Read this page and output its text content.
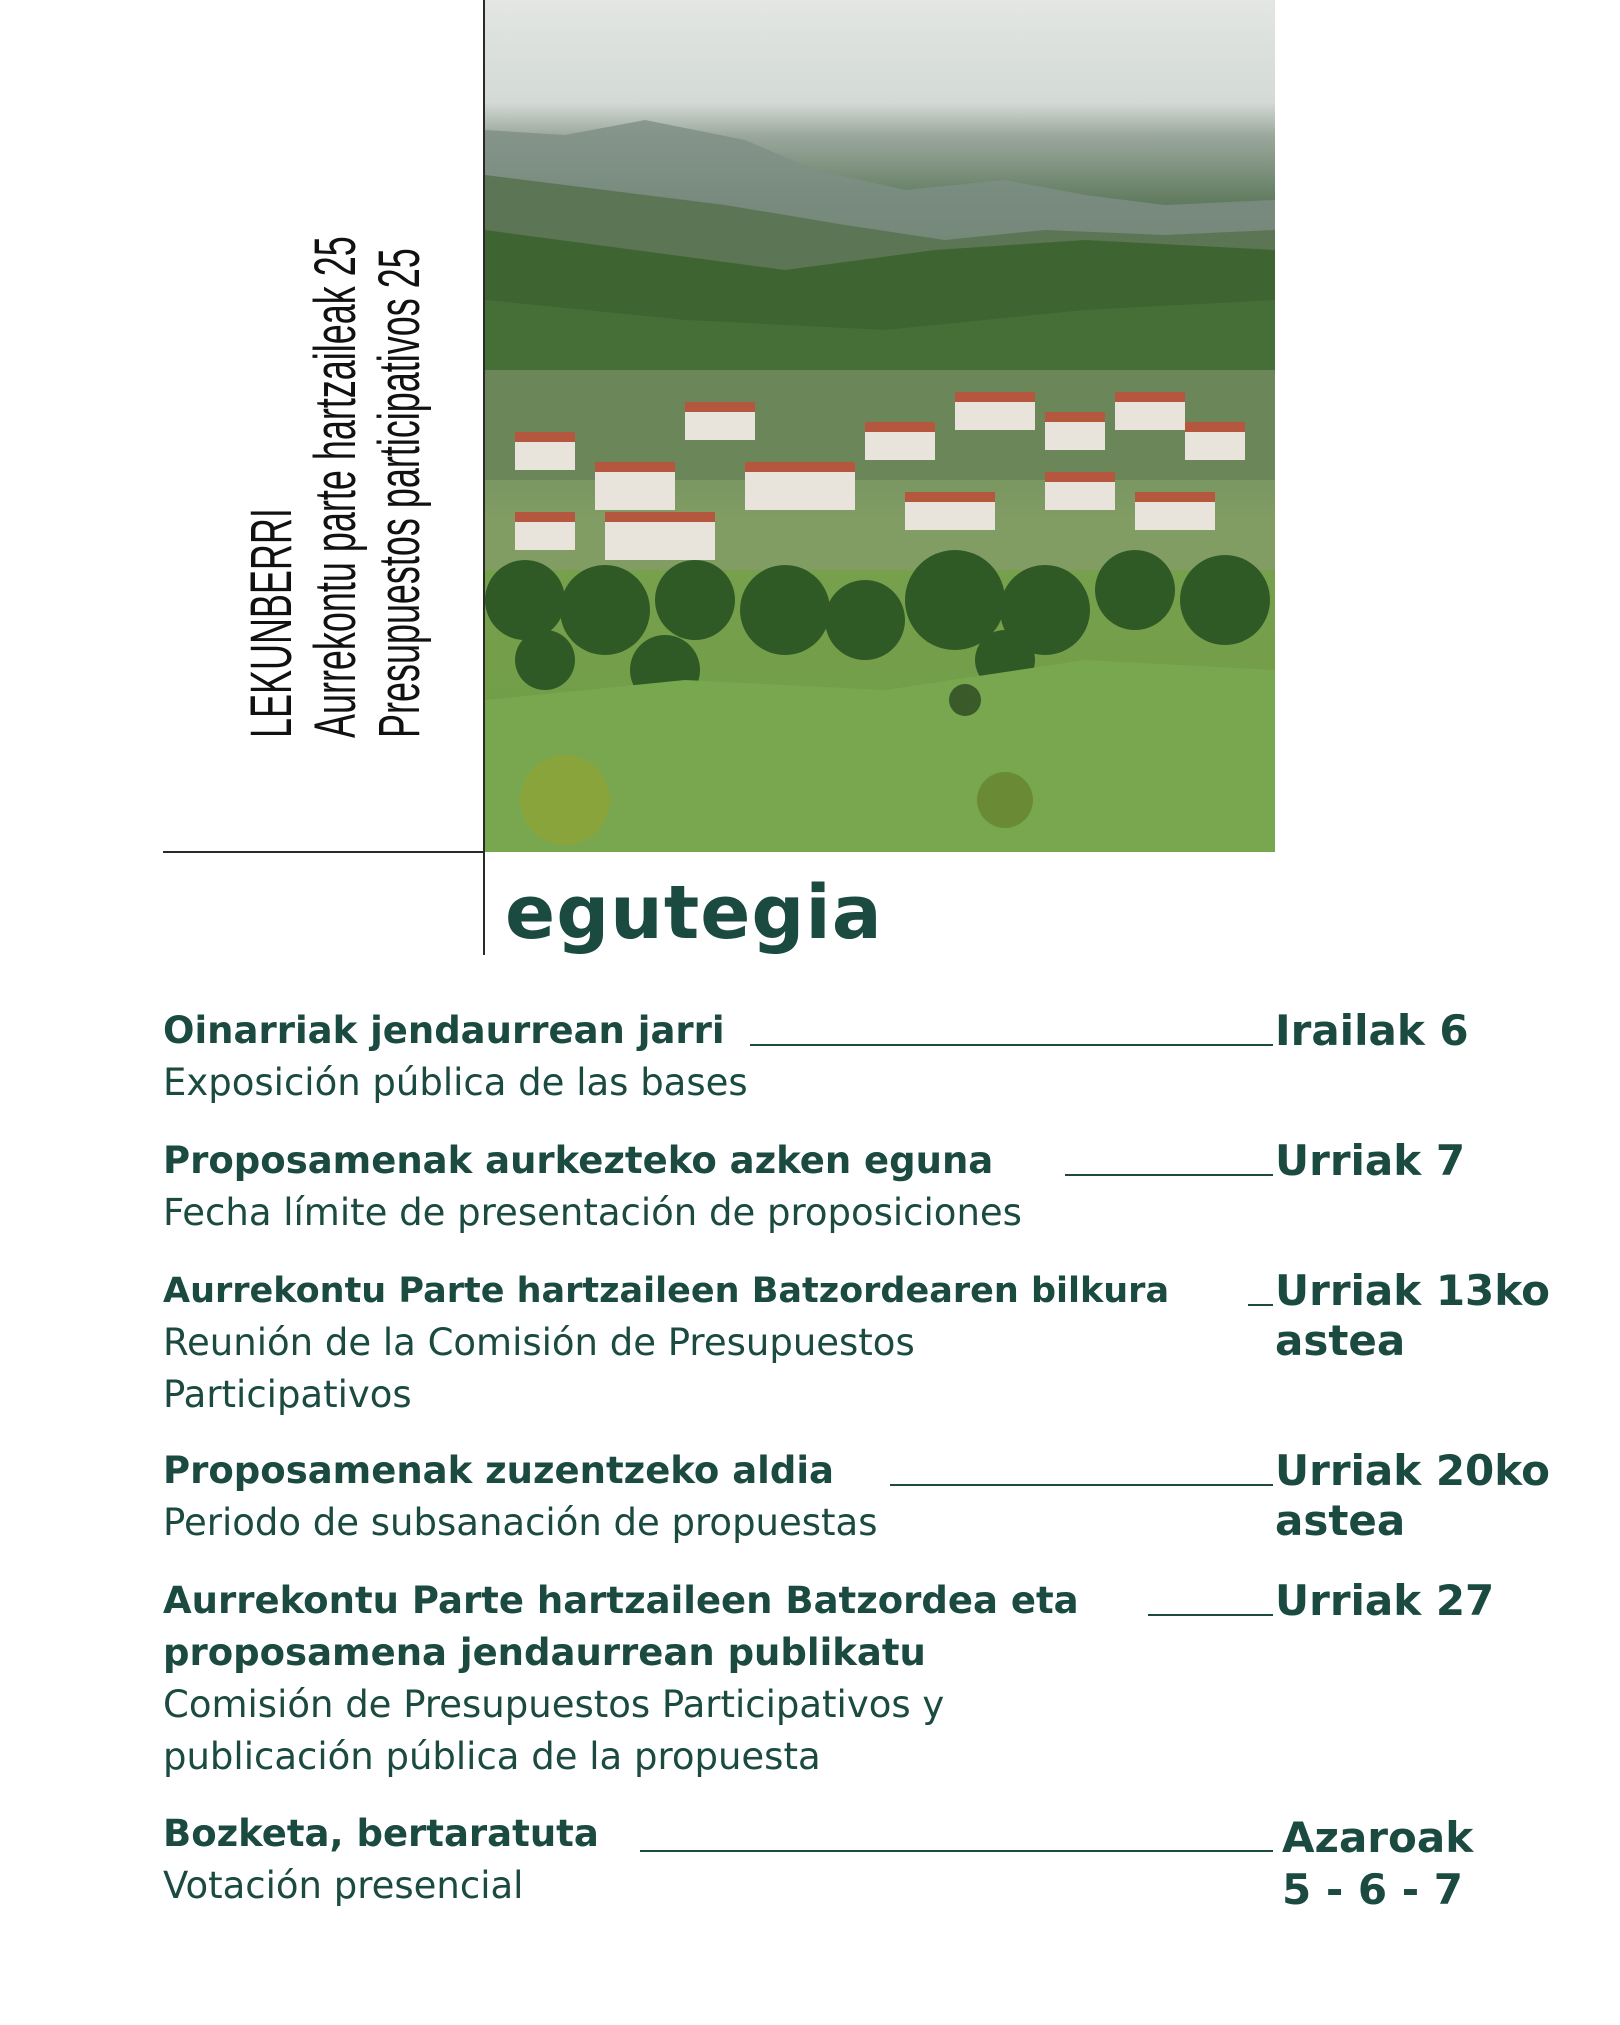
LEKUNBERRI Aurrekontu parte hartzaileak 25 Presupuestos participativos 25
egutegia
Oinarriak jendaurrean jarri
Exposición pública de las bases
Irailak 6
Proposamenak aurkezteko azken eguna
Fecha límite de presentación de proposiciones
Urriak 7
Aurrekontu Parte hartzaileen Batzordearen bilkura
Reunión de la Comisión de Presupuestos
Participativos
Urriak 13ko
astea
Proposamenak zuzentzeko aldia
Periodo de subsanación de propuestas
Urriak 20ko
astea
Aurrekontu Parte hartzaileen Batzordea eta
proposamena jendaurrean publikatu
Comisión de Presupuestos Participativos y
publicación pública de la propuesta
Urriak 27
Bozketa, bertaratuta
Votación presencial
Azaroak
5 - 6 - 7
